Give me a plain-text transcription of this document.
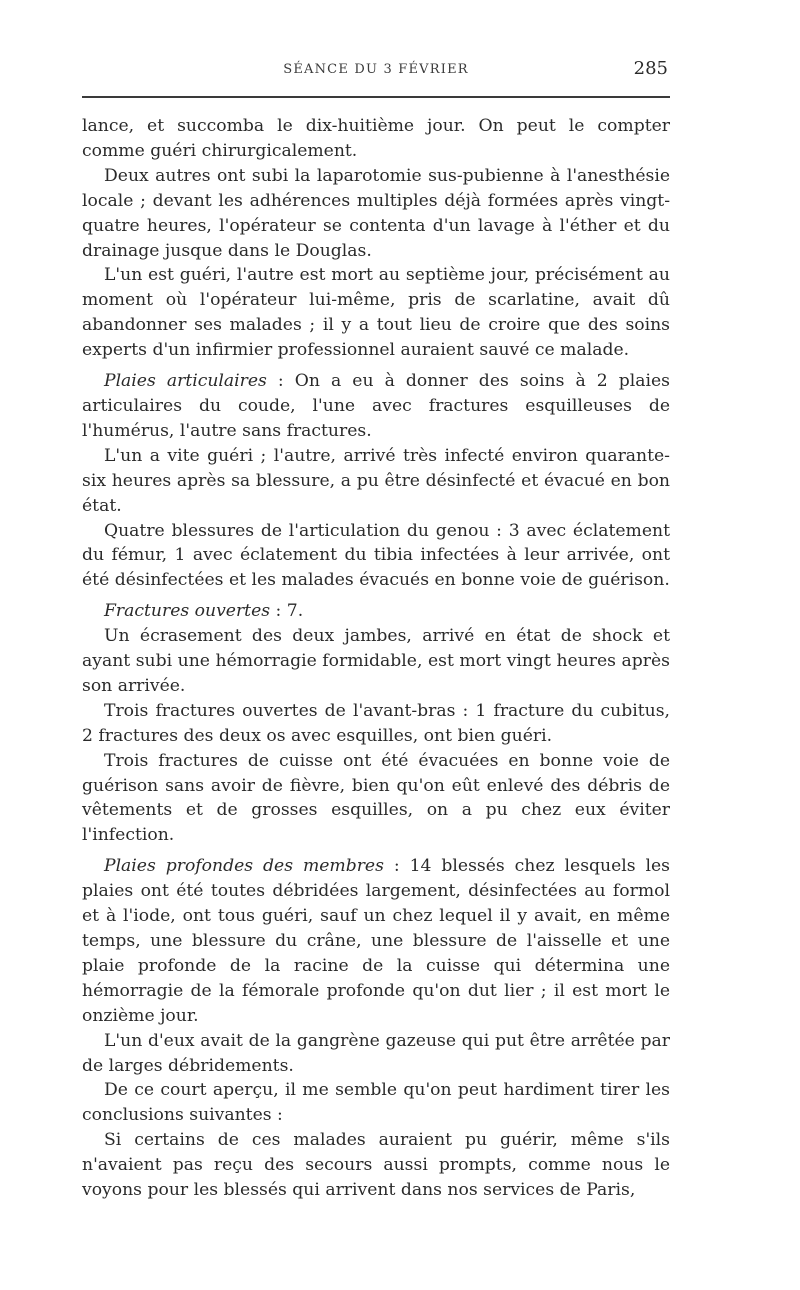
SÉANCE DU 3 FÉVRIER	285

lance, et succomba le dix-huitième jour. On peut le compter comme guéri chirurgicalement.

Deux autres ont subi la laparotomie sus-pubienne à l'anesthésie locale ; devant les adhérences multiples déjà formées après vingt-quatre heures, l'opérateur se contenta d'un lavage à l'éther et du drainage jusque dans le Douglas.

L'un est guéri, l'autre est mort au septième jour, précisément au moment où l'opérateur lui-même, pris de scarlatine, avait dû abandonner ses malades ; il y a tout lieu de croire que des soins experts d'un infirmier professionnel auraient sauvé ce malade.

Plaies articulaires : On a eu à donner des soins à 2 plaies articulaires du coude, l'une avec fractures esquilleuses de l'humérus, l'autre sans fractures.

L'un a vite guéri ; l'autre, arrivé très infecté environ quarante-six heures après sa blessure, a pu être désinfecté et évacué en bon état.

Quatre blessures de l'articulation du genou : 3 avec éclatement du fémur, 1 avec éclatement du tibia infectées à leur arrivée, ont été désinfectées et les malades évacués en bonne voie de guérison.

Fractures ouvertes : 7.

Un écrasement des deux jambes, arrivé en état de shock et ayant subi une hémorragie formidable, est mort vingt heures après son arrivée.

Trois fractures ouvertes de l'avant-bras : 1 fracture du cubitus, 2 fractures des deux os avec esquilles, ont bien guéri.

Trois fractures de cuisse ont été évacuées en bonne voie de guérison sans avoir de fièvre, bien qu'on eût enlevé des débris de vêtements et de grosses esquilles, on a pu chez eux éviter l'infection.

Plaies profondes des membres : 14 blessés chez lesquels les plaies ont été toutes débridées largement, désinfectées au formol et à l'iode, ont tous guéri, sauf un chez lequel il y avait, en même temps, une blessure du crâne, une blessure de l'aisselle et une plaie profonde de la racine de la cuisse qui détermina une hémorragie de la fémorale profonde qu'on dut lier ; il est mort le onzième jour.

L'un d'eux avait de la gangrène gazeuse qui put être arrêtée par de larges débridements.

De ce court aperçu, il me semble qu'on peut hardiment tirer les conclusions suivantes :

Si certains de ces malades auraient pu guérir, même s'ils n'avaient pas reçu des secours aussi prompts, comme nous le voyons pour les blessés qui arrivent dans nos services de Paris,
